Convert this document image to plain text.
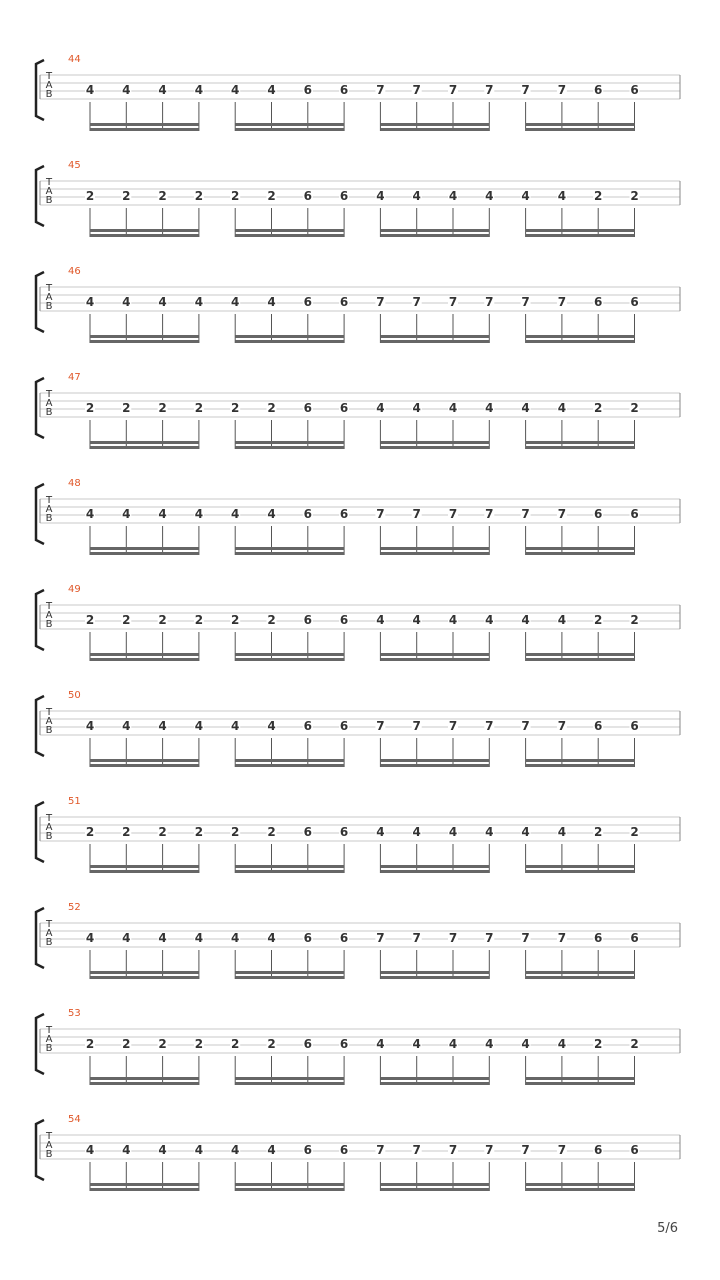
T
A
B
44
4 4 4 4 4 4 6 6 7 7 7 7 7 7 6 6
T
A
B
45
2 2 2 2 2 2 6 6 4 4 4 4 4 4 2 2
T
A
B
46
4 4 4 4 4 4 6 6 7 7 7 7 7 7 6 6
T
A
B
47
2 2 2 2 2 2 6 6 4 4 4 4 4 4 2 2
T
A
B
48
4 4 4 4 4 4 6 6 7 7 7 7 7 7 6 6
T
A
B
49
2 2 2 2 2 2 6 6 4 4 4 4 4 4 2 2
T
A
B
50
4 4 4 4 4 4 6 6 7 7 7 7 7 7 6 6
T
A
B
51
2 2 2 2 2 2 6 6 4 4 4 4 4 4 2 2
T
A
B
52
4 4 4 4 4 4 6 6 7 7 7 7 7 7 6 6
T
A
B
53
2 2 2 2 2 2 6 6 4 4 4 4 4 4 2 2
T
A
B
54
4 4 4 4 4 4 6 6 7 7 7 7 7 7 6 6
5/6
